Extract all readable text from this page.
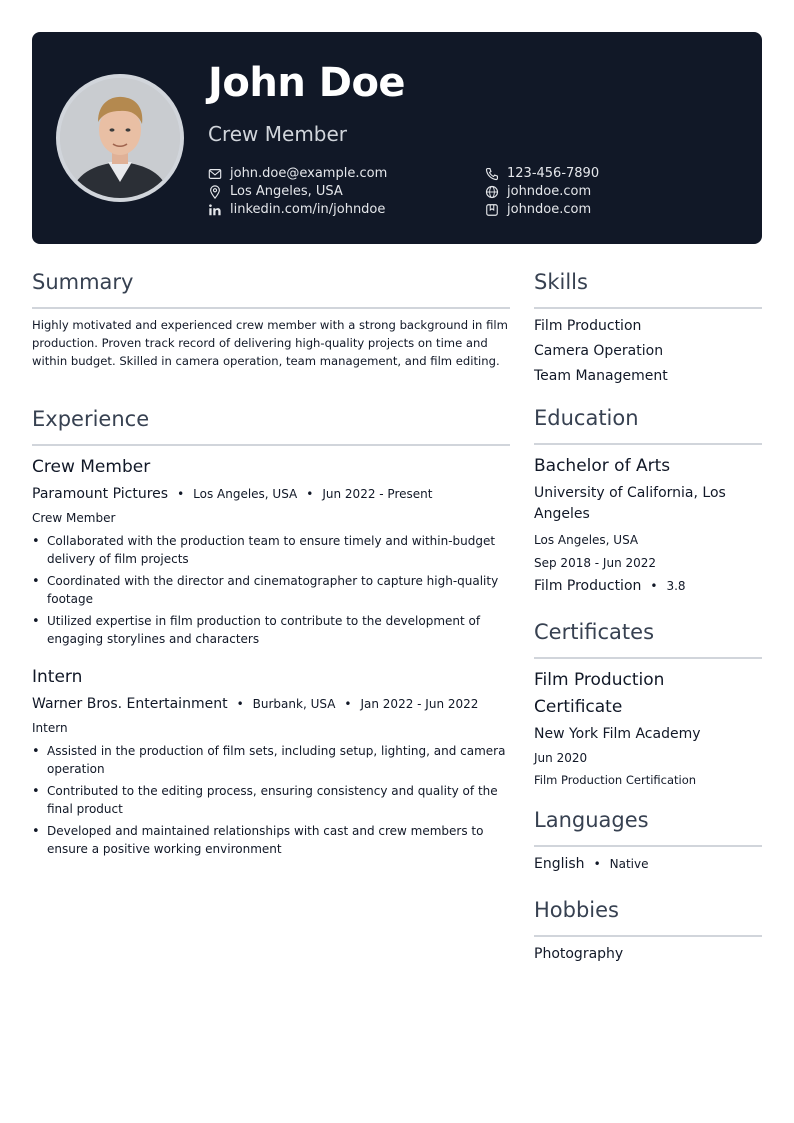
John Doe
Crew Member
john.doe@example.com
Los Angeles, USA
linkedin.com/in/johndoe
123-456-7890
johndoe.com
johndoe.com
Summary
Highly motivated and experienced crew member with a strong background in film production. Proven track record of delivering high-quality projects on time and within budget. Skilled in camera operation, team management, and film editing.
Experience
Crew Member
Paramount Pictures • Los Angeles, USA • Jun 2022 - Present
Crew Member
• Collaborated with the production team to ensure timely and within-budget delivery of film projects
• Coordinated with the director and cinematographer to capture high-quality footage
• Utilized expertise in film production to contribute to the development of engaging storylines and characters
Intern
Warner Bros. Entertainment • Burbank, USA • Jan 2022 - Jun 2022
Intern
• Assisted in the production of film sets, including setup, lighting, and camera operation
• Contributed to the editing process, ensuring consistency and quality of the final product
• Developed and maintained relationships with cast and crew members to ensure a positive working environment
Skills
Film Production
Camera Operation
Team Management
Education
Bachelor of Arts
University of California, Los Angeles
Los Angeles, USA
Sep 2018 - Jun 2022
Film Production • 3.8
Certificates
Film Production Certificate
New York Film Academy
Jun 2020
Film Production Certification
Languages
English • Native
Hobbies
Photography
